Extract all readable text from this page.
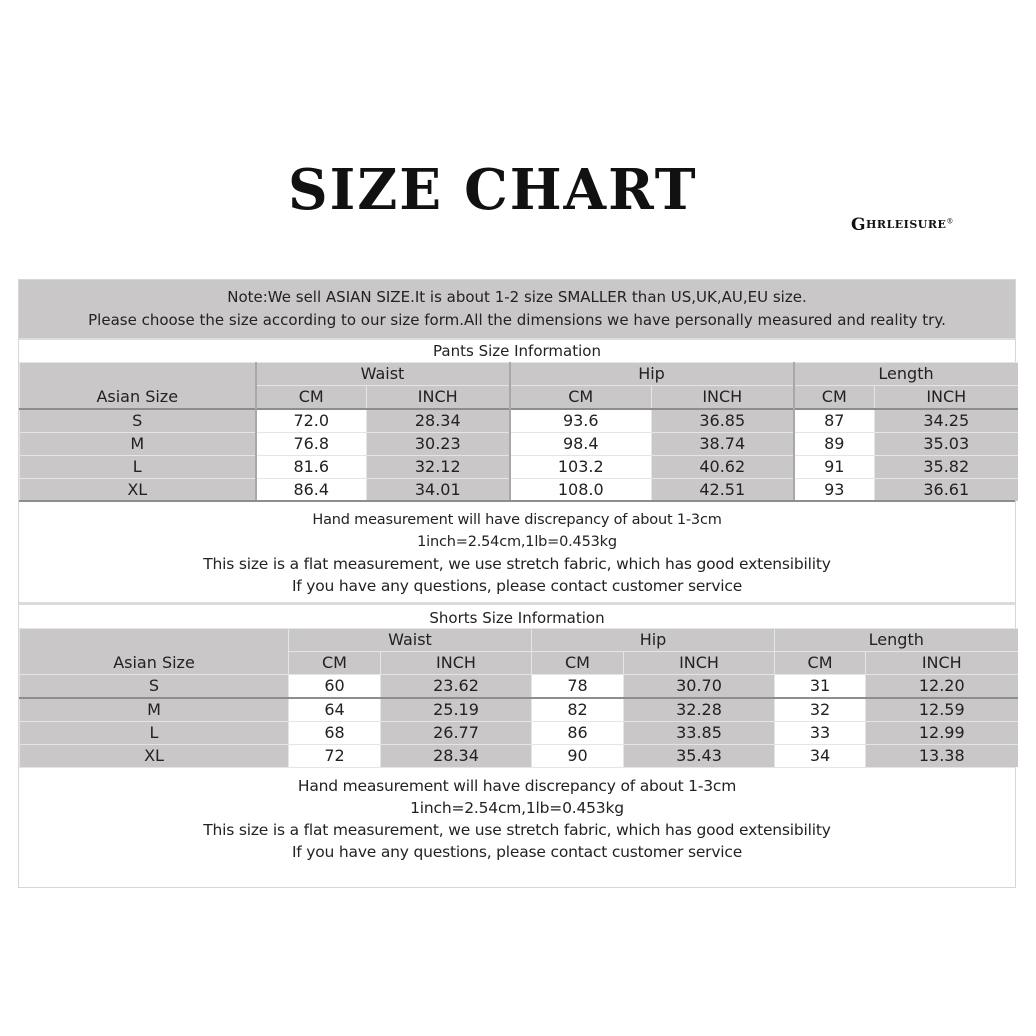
SIZE CHART
GHRLEISURE®
Note:We sell ASIAN SIZE.It is about 1-2 size SMALLER than US,UK,AU,EU size.
Please choose the size according to our size form.All the dimensions we have personally measured and reality try.
Pants Size Information
Asian Size	Waist		Hip		Length	
	CM	INCH	CM	INCH	CM	INCH
S	72.0	28.34	93.6	36.85	87	34.25
M	76.8	30.23	98.4	38.74	89	35.03
L	81.6	32.12	103.2	40.62	91	35.82
XL	86.4	34.01	108.0	42.51	93	36.61
Hand measurement will have discrepancy of about 1-3cm
1inch=2.54cm,1lb=0.453kg
This size is a flat measurement, we use stretch fabric, which has good extensibility
If you have any questions, please contact customer service
Shorts Size Information
Asian Size	Waist		Hip		Length	
	CM	INCH	CM	INCH	CM	INCH
S	60	23.62	78	30.70	31	12.20
M	64	25.19	82	32.28	32	12.59
L	68	26.77	86	33.85	33	12.99
XL	72	28.34	90	35.43	34	13.38
Hand measurement will have discrepancy of about 1-3cm
1inch=2.54cm,1lb=0.453kg
This size is a flat measurement, we use stretch fabric, which has good extensibility
If you have any questions, please contact customer service
